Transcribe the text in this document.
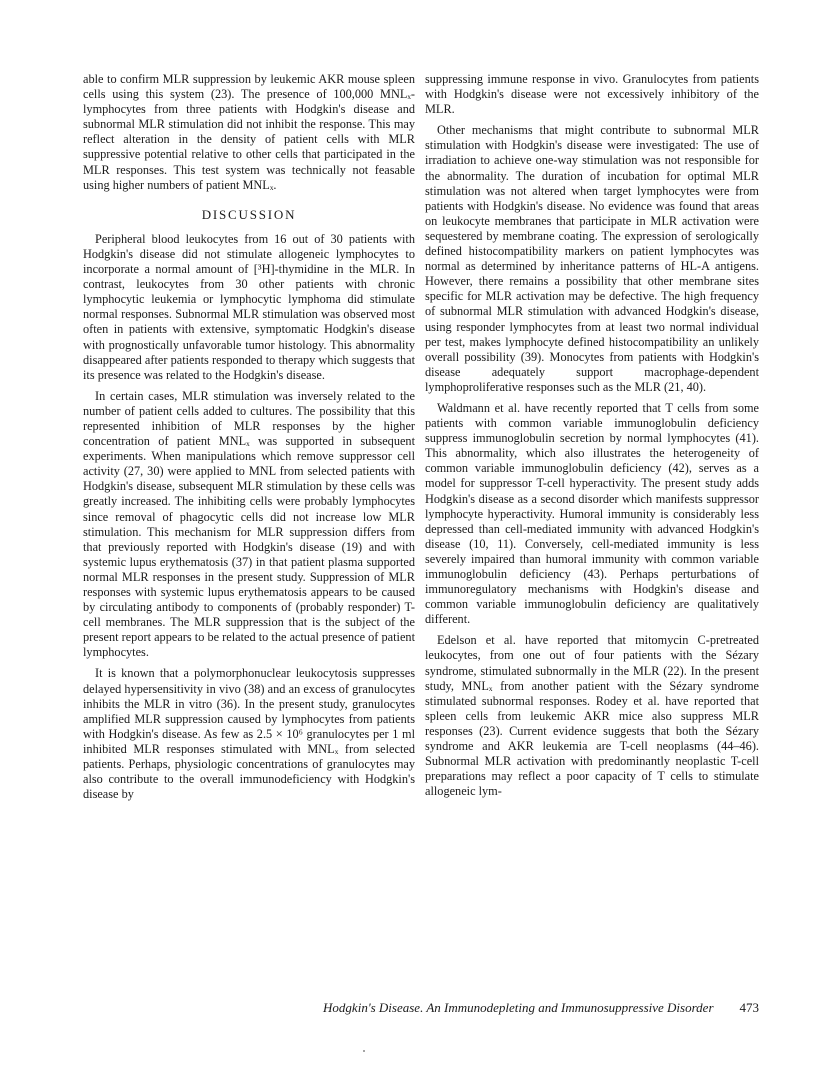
able to confirm MLR suppression by leukemic AKR mouse spleen cells using this system (23). The presence of 100,000 MNLₓ-lymphocytes from three patients with Hodgkin's disease and subnormal MLR stimulation did not inhibit the response. This may reflect alteration in the density of patient cells with MLR suppressive potential relative to other cells that participated in the MLR responses. This test system was technically not feasable using higher numbers of patient MNLₓ.

DISCUSSION

Peripheral blood leukocytes from 16 out of 30 patients with Hodgkin's disease did not stimulate allogeneic lymphocytes to incorporate a normal amount of [³H]-thymidine in the MLR. In contrast, leukocytes from 30 other patients with chronic lymphocytic leukemia or lymphocytic lymphoma did stimulate normal responses. Subnormal MLR stimulation was observed most often in patients with extensive, symptomatic Hodgkin's disease with prognostically unfavorable tumor histology. This abnormality disappeared after patients responded to therapy which suggests that its presence was related to the Hodgkin's disease.

In certain cases, MLR stimulation was inversely related to the number of patient cells added to cultures. The possibility that this represented inhibition of MLR responses by the higher concentration of patient MNLₓ was supported in subsequent experiments. When manipulations which remove suppressor cell activity (27, 30) were applied to MNL from selected patients with Hodgkin's disease, subsequent MLR stimulation by these cells was greatly increased. The inhibiting cells were probably lymphocytes since removal of phagocytic cells did not increase low MLR stimulation. This mechanism for MLR suppression differs from that previously reported with Hodgkin's disease (19) and with systemic lupus erythematosis (37) in that patient plasma supported normal MLR responses in the present study. Suppression of MLR responses with systemic lupus erythematosis appears to be caused by circulating antibody to components of (probably responder) T-cell membranes. The MLR suppression that is the subject of the present report appears to be related to the actual presence of patient lymphocytes.

It is known that a polymorphonuclear leukocytosis suppresses delayed hypersensitivity in vivo (38) and an excess of granulocytes inhibits the MLR in vitro (36). In the present study, granulocytes amplified MLR suppression caused by lymphocytes from patients with Hodgkin's disease. As few as 2.5 × 10⁶ granulocytes per 1 ml inhibited MLR responses stimulated with MNLₓ from selected patients. Perhaps, physiologic concentrations of granulocytes may also contribute to the overall immunodeficiency with Hodgkin's disease by

suppressing immune response in vivo. Granulocytes from patients with Hodgkin's disease were not excessively inhibitory of the MLR.

Other mechanisms that might contribute to subnormal MLR stimulation with Hodgkin's disease were investigated: The use of irradiation to achieve one-way stimulation was not responsible for the abnormality. The duration of incubation for optimal MLR stimulation was not altered when target lymphocytes were from patients with Hodgkin's disease. No evidence was found that areas on leukocyte membranes that participate in MLR activation were sequestered by membrane coating. The expression of serologically defined histocompatibility markers on patient lymphocytes was normal as determined by inheritance patterns of HL-A antigens. However, there remains a possibility that other membrane sites specific for MLR activation may be defective. The high frequency of subnormal MLR stimulation with advanced Hodgkin's disease, using responder lymphocytes from at least two normal individual per test, makes lymphocyte defined histocompatibility an unlikely overall possibility (39). Monocytes from patients with Hodgkin's disease adequately support macrophage-dependent lymphoproliferative responses such as the MLR (21, 40).

Waldmann et al. have recently reported that T cells from some patients with common variable immunoglobulin deficiency suppress immunoglobulin secretion by normal lymphocytes (41). This abnormality, which also illustrates the heterogeneity of common variable immunoglobulin deficiency (42), serves as a model for suppressor T-cell hyperactivity. The present study adds Hodgkin's disease as a second disorder which manifests suppressor lymphocyte hyperactivity. Humoral immunity is considerably less depressed than cell-mediated immunity with advanced Hodgkin's disease (10, 11). Conversely, cell-mediated immunity is less severely impaired than humoral immunity with common variable immunoglobulin deficiency (43). Perhaps perturbations of immunoregulatory mechanisms with Hodgkin's disease and common variable immunoglobulin deficiency are qualitatively different.

Edelson et al. have reported that mitomycin C-pretreated leukocytes, from one out of four patients with the Sézary syndrome, stimulated subnormally in the MLR (22). In the present study, MNLₓ from another patient with the Sézary syndrome stimulated subnormal responses. Rodey et al. have reported that spleen cells from leukemic AKR mice also suppress MLR responses (23). Current evidence suggests that both the Sézary syndrome and AKR leukemia are T-cell neoplasms (44–46). Subnormal MLR activation with predominantly neoplastic T-cell preparations may reflect a poor capacity of T cells to stimulate allogeneic lym-

Hodgkin's Disease. An Immunodepleting and Immunosuppressive Disorder 473
